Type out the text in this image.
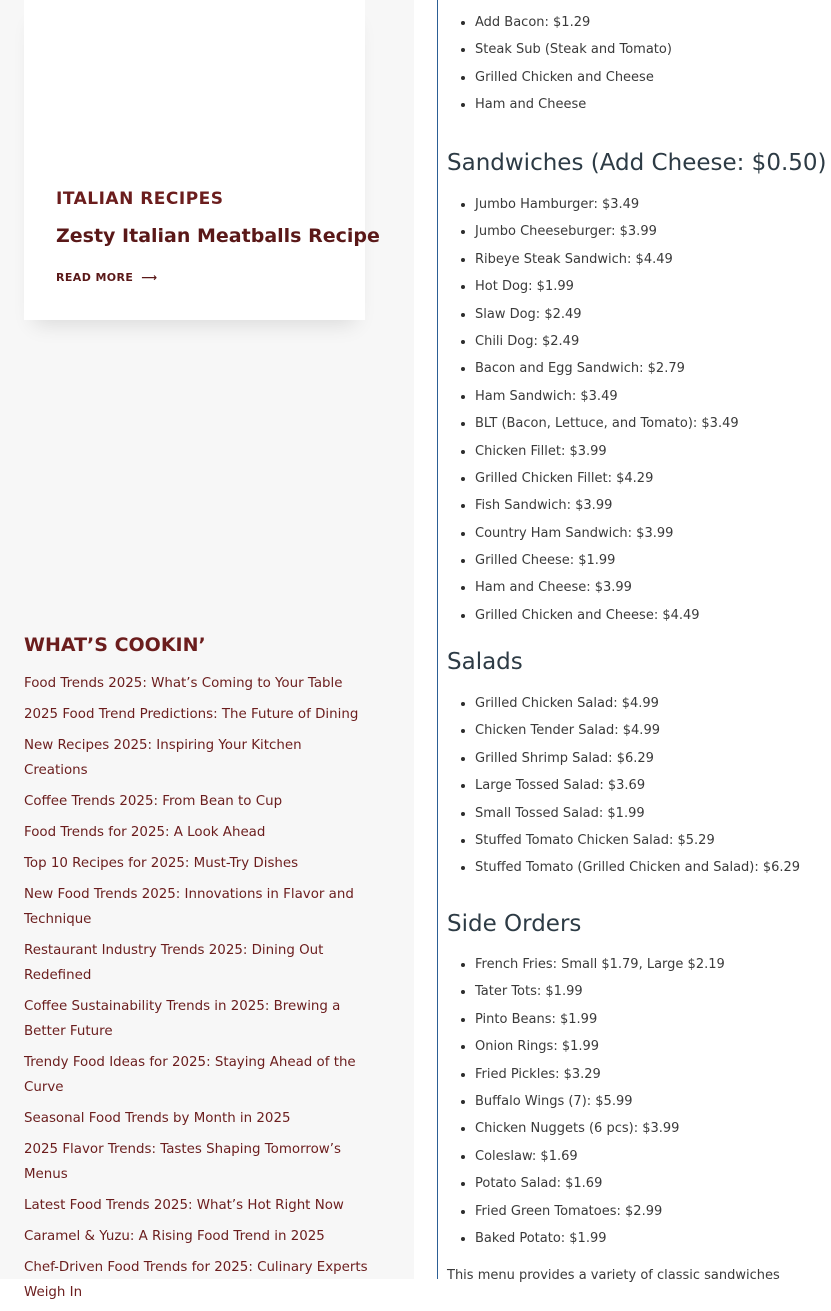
ITALIAN RECIPES
Zesty Italian Meatballs Recipe
READ MORE ⟶
WHAT’S COOKIN’
Food Trends 2025: What’s Coming to Your Table
2025 Food Trend Predictions: The Future of Dining
New Recipes 2025: Inspiring Your Kitchen Creations
Coffee Trends 2025: From Bean to Cup
Food Trends for 2025: A Look Ahead
Top 10 Recipes for 2025: Must-Try Dishes
New Food Trends 2025: Innovations in Flavor and Technique
Restaurant Industry Trends 2025: Dining Out Redefined
Coffee Sustainability Trends in 2025: Brewing a Better Future
Trendy Food Ideas for 2025: Staying Ahead of the Curve
Seasonal Food Trends by Month in 2025
2025 Flavor Trends: Tastes Shaping Tomorrow’s Menus
Latest Food Trends 2025: What’s Hot Right Now
Caramel & Yuzu: A Rising Food Trend in 2025
Chef-Driven Food Trends for 2025: Culinary Experts Weigh In
• Add Bacon: $1.29
• Steak Sub (Steak and Tomato)
• Grilled Chicken and Cheese
• Ham and Cheese
Sandwiches (Add Cheese: $0.50)
• Jumbo Hamburger: $3.49
• Jumbo Cheeseburger: $3.99
• Ribeye Steak Sandwich: $4.49
• Hot Dog: $1.99
• Slaw Dog: $2.49
• Chili Dog: $2.49
• Bacon and Egg Sandwich: $2.79
• Ham Sandwich: $3.49
• BLT (Bacon, Lettuce, and Tomato): $3.49
• Chicken Fillet: $3.99
• Grilled Chicken Fillet: $4.29
• Fish Sandwich: $3.99
• Country Ham Sandwich: $3.99
• Grilled Cheese: $1.99
• Ham and Cheese: $3.99
• Grilled Chicken and Cheese: $4.49
Salads
• Grilled Chicken Salad: $4.99
• Chicken Tender Salad: $4.99
• Grilled Shrimp Salad: $6.29
• Large Tossed Salad: $3.69
• Small Tossed Salad: $1.99
• Stuffed Tomato Chicken Salad: $5.29
• Stuffed Tomato (Grilled Chicken and Salad): $6.29
Side Orders
• French Fries: Small $1.79, Large $2.19
• Tater Tots: $1.99
• Pinto Beans: $1.99
• Onion Rings: $1.99
• Fried Pickles: $3.29
• Buffalo Wings (7): $5.99
• Chicken Nuggets (6 pcs): $3.99
• Coleslaw: $1.69
• Potato Salad: $1.69
• Fried Green Tomatoes: $2.99
• Baked Potato: $1.99

This menu provides a variety of classic sandwiches
